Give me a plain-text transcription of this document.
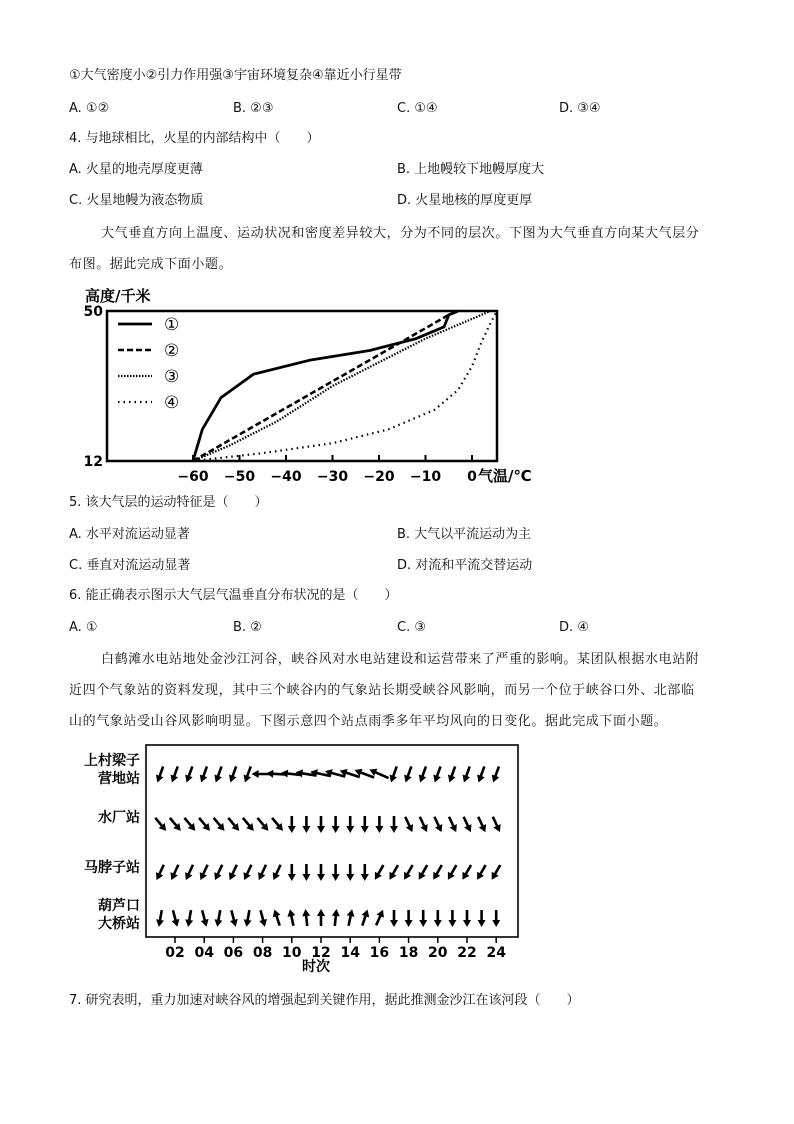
①大气密度小②引力作用强③宇宙环境复杂④靠近小行星带
A. ①②	B. ②③	C. ①④	D. ③④
4. 与地球相比，火星的内部结构中（　　）
A. 火星的地壳厚度更薄	B. 上地幔较下地幔厚度大
C. 火星地幔为液态物质	D. 火星地核的厚度更厚
大气垂直方向上温度、运动状况和密度差异较大，分为不同的层次。下图为大气垂直方向某大气层分
布图。据此完成下面小题。
高度/千米
气温/℃
50
12
−60 −50 −40 −30 −20 −10 0
①
②
③
④
5. 该大气层的运动特征是（　　）
A. 水平对流运动显著	B. 大气以平流运动为主
C. 垂直对流运动显著	D. 对流和平流交替运动
6. 能正确表示图示大气层气温垂直分布状况的是（　　）
A. ①	B. ②	C. ③	D. ④
白鹤滩水电站地处金沙江河谷，峡谷风对水电站建设和运营带来了严重的影响。某团队根据水电站附
近四个气象站的资料发现，其中三个峡谷内的气象站长期受峡谷风影响，而另一个位于峡谷口外、北部临
山的气象站受山谷风影响明显。下图示意四个站点雨季多年平均风向的日变化。据此完成下面小题。
上村梁子
营地站
水厂站
马脖子站
葫芦口
大桥站
02 04 06 08 10 12 14 16 18 20 22 24
时次
7. 研究表明，重力加速对峡谷风的增强起到关键作用，据此推测金沙江在该河段（　　）
